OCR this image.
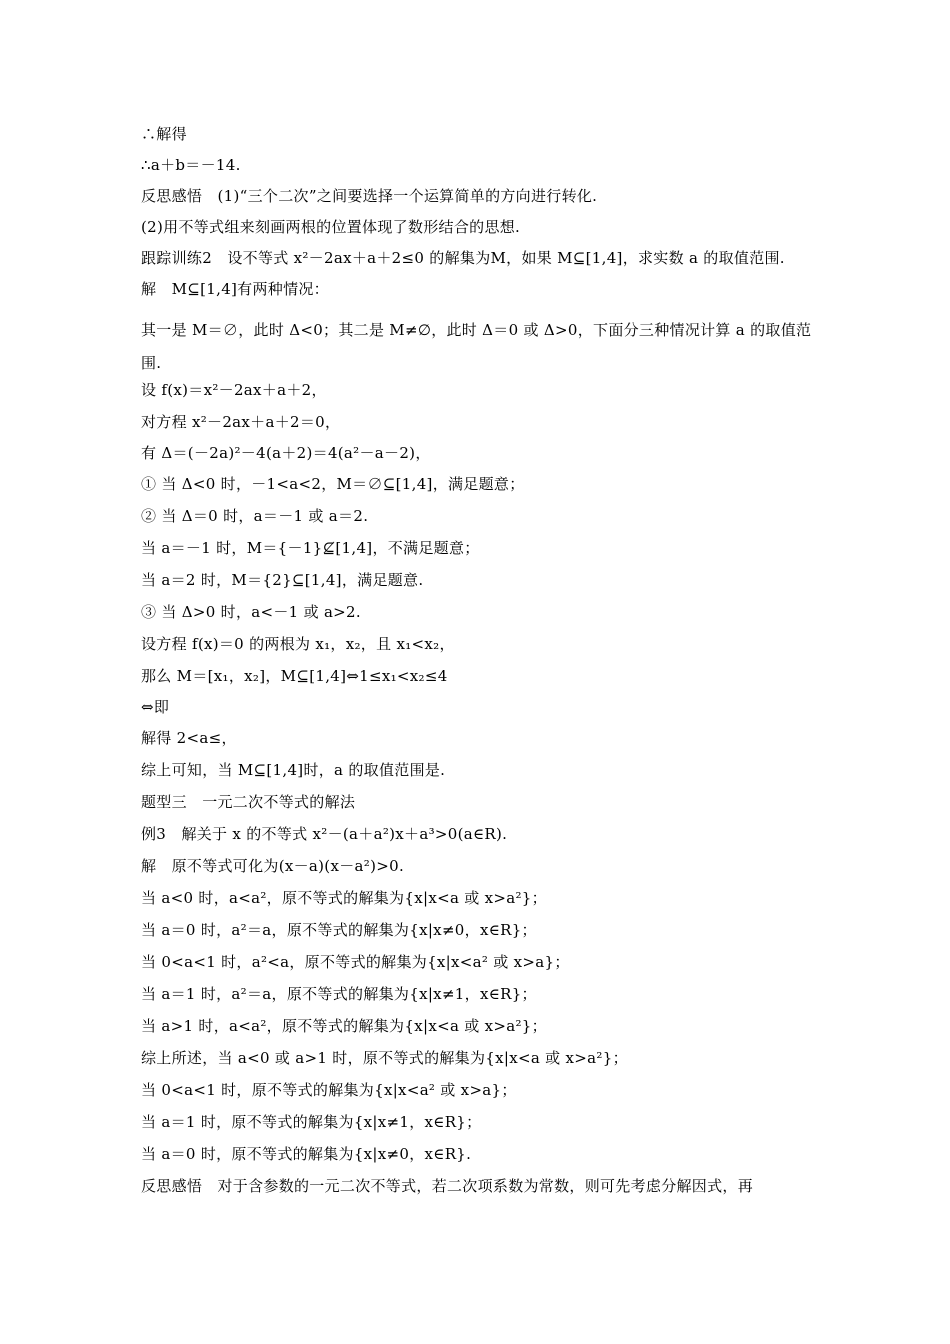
∴解得
∴a＋b＝－14.
反思感悟　(1)“三个二次”之间要选择一个运算简单的方向进行转化.
(2)用不等式组来刻画两根的位置体现了数形结合的思想.
跟踪训练2　设不等式 x²－2ax＋a＋2≤0 的解集为M，如果 M⊆[1,4]，求实数 a 的取值范围.
解　M⊆[1,4]有两种情况：
其一是 M＝∅，此时 Δ<0；其二是 M≠∅，此时 Δ＝0 或 Δ>0，下面分三种情况计算 a 的取值范围.
设 f(x)＝x²－2ax＋a＋2，
对方程 x²－2ax＋a＋2＝0，
有 Δ＝(－2a)²－4(a＋2)＝4(a²－a－2)，
① 当 Δ<0 时，－1<a<2，M＝∅⊆[1,4]，满足题意；
② 当 Δ＝0 时，a＝－1 或 a＝2.
当 a＝－1 时，M＝{－1}⊈[1,4]，不满足题意；
当 a＝2 时，M＝{2}⊆[1,4]，满足题意.
③ 当 Δ>0 时，a<－1 或 a>2.
设方程 f(x)＝0 的两根为 x₁，x₂，且 x₁<x₂，
那么 M＝[x₁，x₂]，M⊆[1,4]⇔1≤x₁<x₂≤4
⇔即
解得 2<a≤，
综上可知，当 M⊆[1,4]时，a 的取值范围是.
题型三　一元二次不等式的解法
例3　解关于 x 的不等式 x²－(a＋a²)x＋a³>0(a∈R).
解　原不等式可化为(x－a)(x－a²)>0.
当 a<0 时，a<a²，原不等式的解集为{x|x<a 或 x>a²}；
当 a＝0 时，a²＝a，原不等式的解集为{x|x≠0，x∈R}；
当 0<a<1 时，a²<a，原不等式的解集为{x|x<a² 或 x>a}；
当 a＝1 时，a²＝a，原不等式的解集为{x|x≠1，x∈R}；
当 a>1 时，a<a²，原不等式的解集为{x|x<a 或 x>a²}；
综上所述，当 a<0 或 a>1 时，原不等式的解集为{x|x<a 或 x>a²}；
当 0<a<1 时，原不等式的解集为{x|x<a² 或 x>a}；
当 a＝1 时，原不等式的解集为{x|x≠1，x∈R}；
当 a＝0 时，原不等式的解集为{x|x≠0，x∈R}.
反思感悟　对于含参数的一元二次不等式，若二次项系数为常数，则可先考虑分解因式，再
